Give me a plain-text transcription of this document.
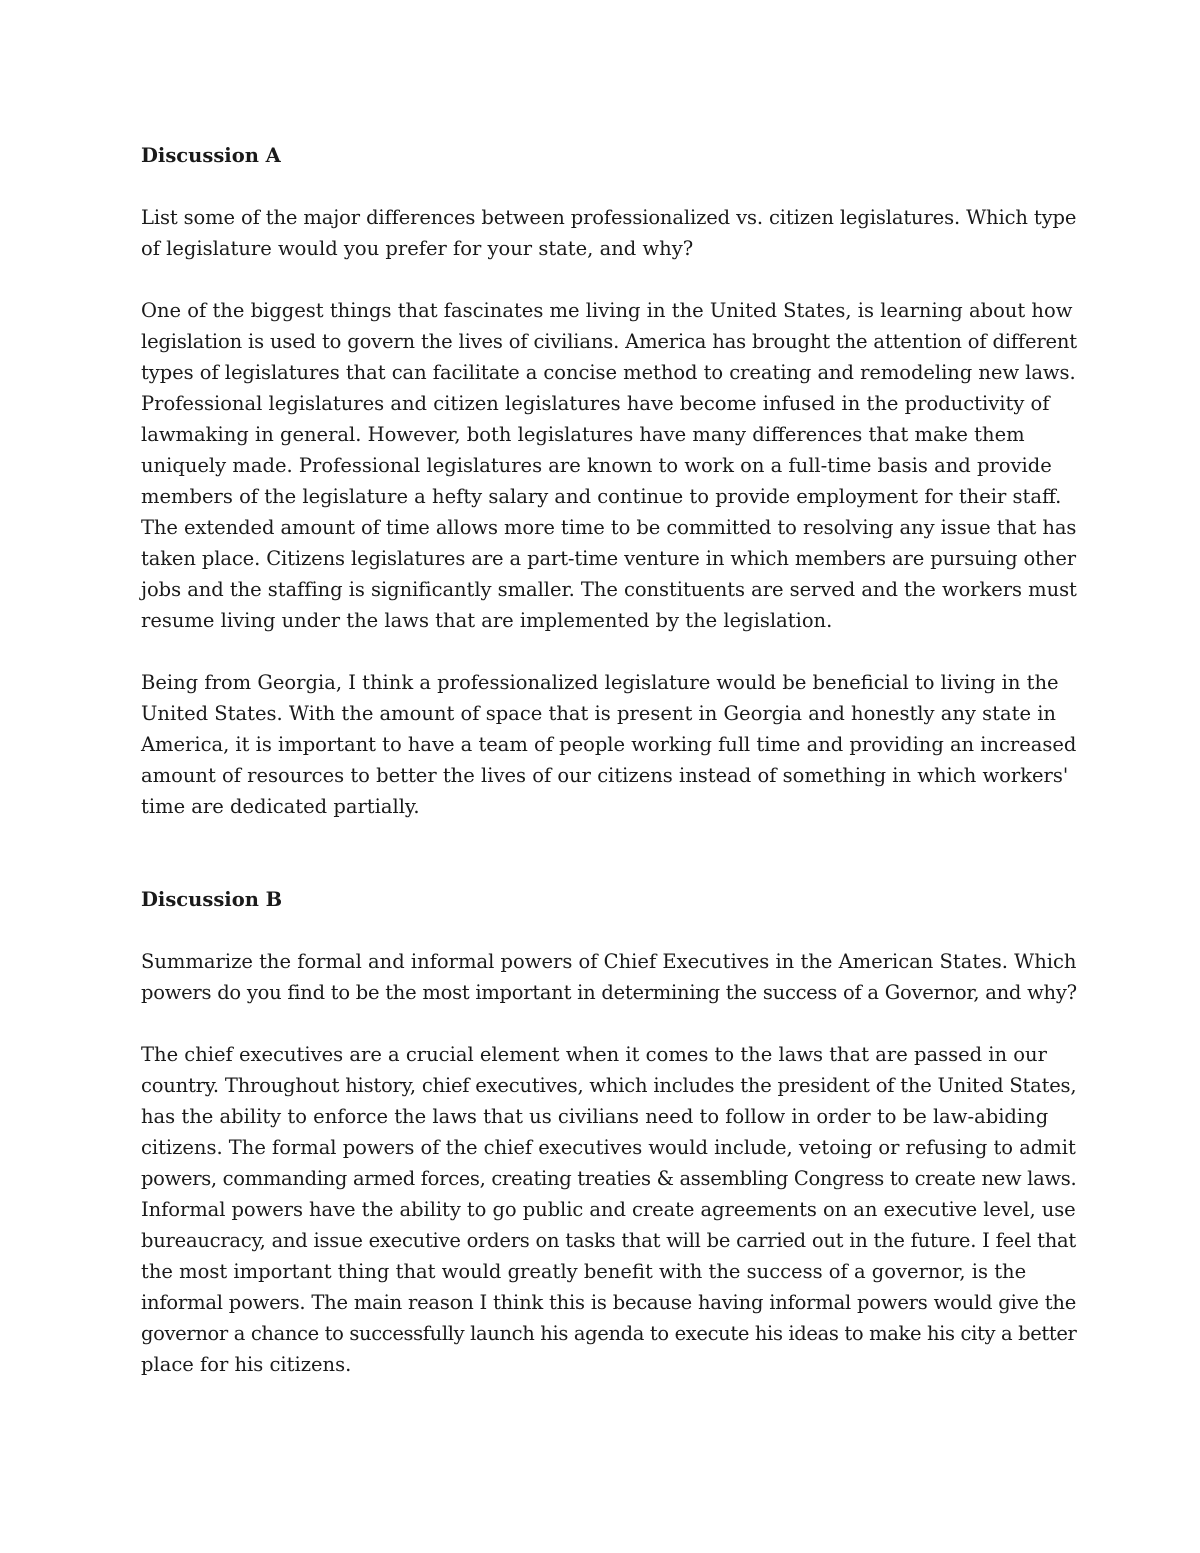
Discussion A
List some of the major differences between professionalized vs. citizen legislatures. Which type
of legislature would you prefer for your state, and why?
One of the biggest things that fascinates me living in the United States, is learning about how
legislation is used to govern the lives of civilians. America has brought the attention of different
types of legislatures that can facilitate a concise method to creating and remodeling new laws.
Professional legislatures and citizen legislatures have become infused in the productivity of
lawmaking in general. However, both legislatures have many differences that make them
uniquely made. Professional legislatures are known to work on a full-time basis and provide
members of the legislature a hefty salary and continue to provide employment for their staff.
The extended amount of time allows more time to be committed to resolving any issue that has
taken place. Citizens legislatures are a part-time venture in which members are pursuing other
jobs and the staffing is significantly smaller. The constituents are served and the workers must
resume living under the laws that are implemented by the legislation.
Being from Georgia, I think a professionalized legislature would be beneficial to living in the
United States. With the amount of space that is present in Georgia and honestly any state in
America, it is important to have a team of people working full time and providing an increased
amount of resources to better the lives of our citizens instead of something in which workers'
time are dedicated partially.
Discussion B
Summarize the formal and informal powers of Chief Executives in the American States. Which
powers do you find to be the most important in determining the success of a Governor, and why?
The chief executives are a crucial element when it comes to the laws that are passed in our
country. Throughout history, chief executives, which includes the president of the United States,
has the ability to enforce the laws that us civilians need to follow in order to be law-abiding
citizens. The formal powers of the chief executives would include, vetoing or refusing to admit
powers, commanding armed forces, creating treaties & assembling Congress to create new laws.
Informal powers have the ability to go public and create agreements on an executive level, use
bureaucracy, and issue executive orders on tasks that will be carried out in the future. I feel that
the most important thing that would greatly benefit with the success of a governor, is the
informal powers. The main reason I think this is because having informal powers would give the
governor a chance to successfully launch his agenda to execute his ideas to make his city a better
place for his citizens.
